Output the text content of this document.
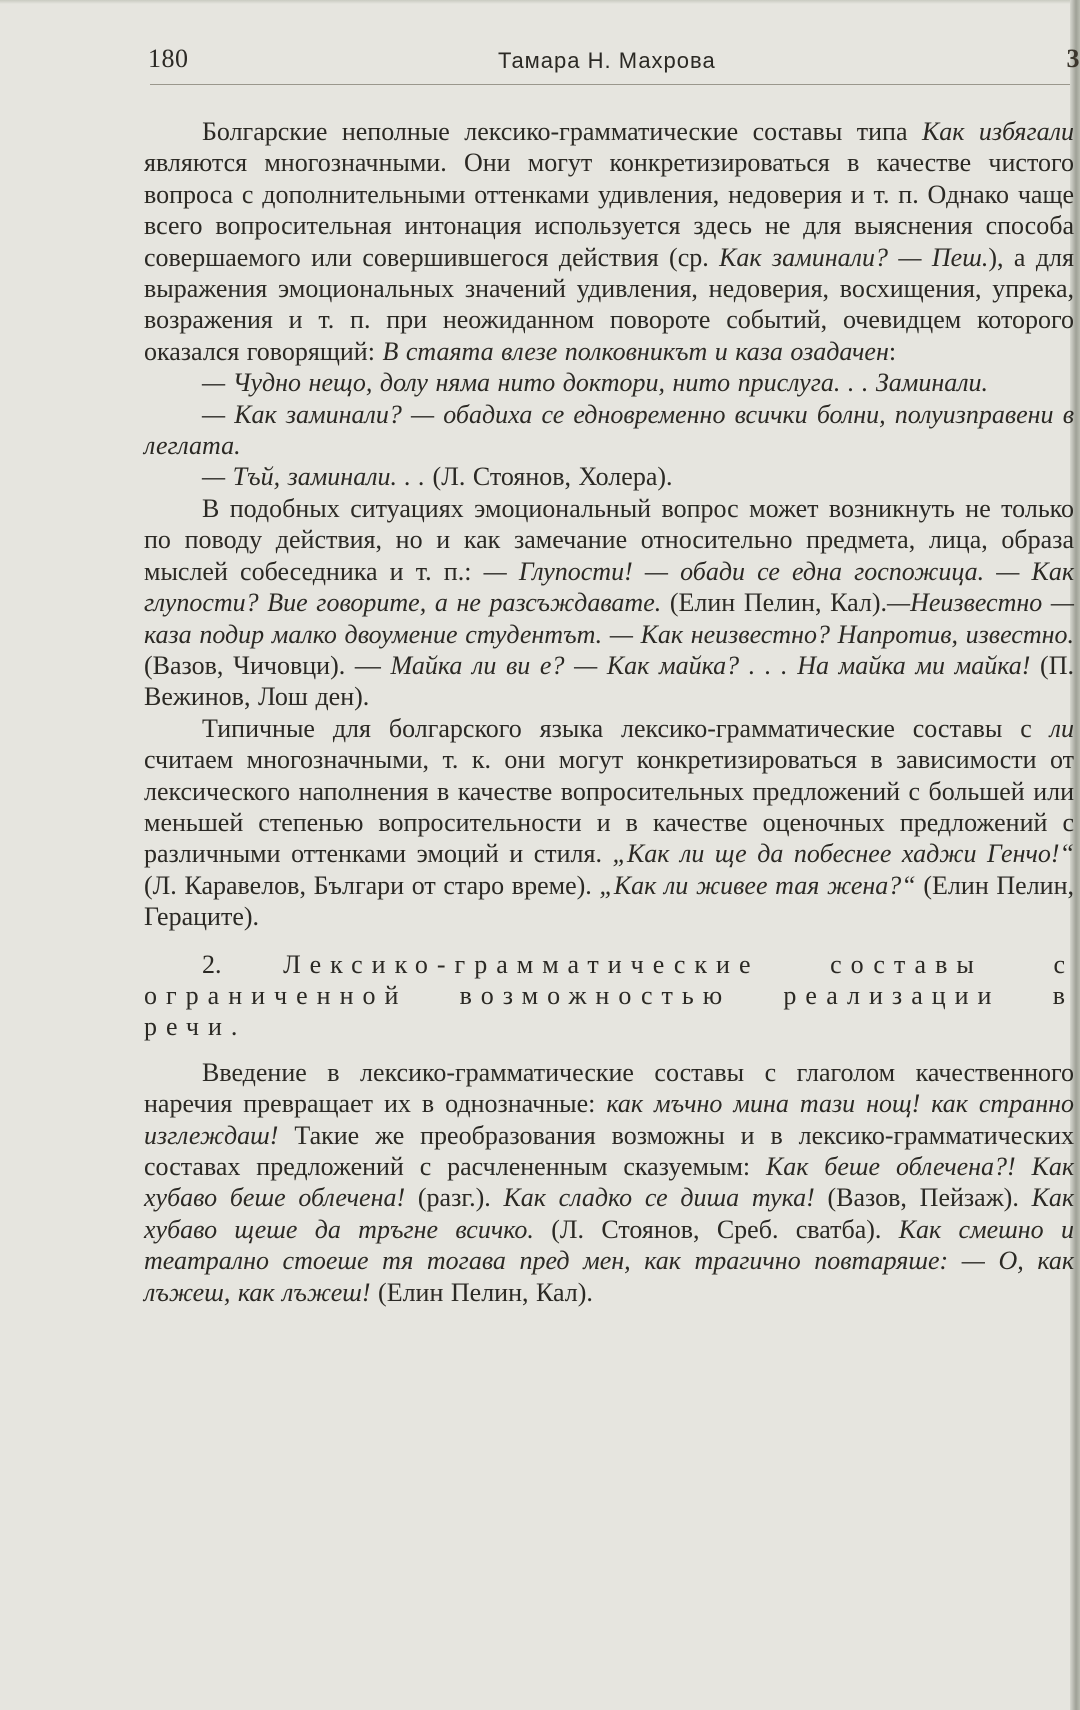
180	Тамара Н. Махрова	3

Болгарские неполные лексико-грамматические составы типа Как избягали являются многозначными. Они могут конкретизироваться в качестве чистого вопроса с дополнительными оттенками удивления, недоверия и т. п. Однако чаще всего вопросительная интонация используется здесь не для выяснения способа совершаемого или совершившегося действия (ср. Как заминали? — Пеш.), а для выражения эмоциональных значений удивления, недоверия, восхищения, упрека, возражения и т. п. при неожиданном повороте событий, очевидцем которого оказался говорящий: В стаята влезе полковникът и каза озадачен:

— Чудно нещо, долу няма нито доктори, нито прислуга. . . Заминали.

— Как заминали? — обадиха се едновременно всички болни, полуизправени в леглата.

— Тъй, заминали. . . (Л. Стоянов, Холера).

В подобных ситуациях эмоциональный вопрос может возникнуть не только по поводу действия, но и как замечание относительно предмета, лица, образа мыслей собеседника и т. п.: — Глупости! — обади се една госпожица. — Как глупости? Вие говорите, а не разсъждавате. (Елин Пелин, Кал).—Неизвестно — каза подир малко двоумение студентът. — Как неизвестно? Напротив, известно. (Вазов, Чичовци). — Майка ли ви е? — Как майка? . . . На майка ми майка! (П. Вежинов, Лош ден).

Типичные для болгарского языка лексико-грамматические составы с ли считаем многозначными, т. к. они могут конкретизироваться в зависимости от лексического наполнения в качестве вопросительных предложений с большей или меньшей степенью вопросительности и в качестве оценочных предложений с различными оттенками эмоций и стиля. „Как ли ще да побеснее хаджи Генчо!“ (Л. Каравелов, Българи от старо време). „Как ли живее тая жена?“ (Елин Пелин, Гераците).

2. Лексико-грамматические составы с ограниченной возможностью реализации в речи.

Введение в лексико-грамматические составы с глаголом качественного наречия превращает их в однозначные: как мъчно мина тази нощ! как странно изглеждаш! Такие же преобразования возможны и в лексико-грамматических составах предложений с расчлененным сказуемым: Как беше облечена?! Как хубаво беше облечена! (разг.). Как сладко се диша тука! (Вазов, Пейзаж). Как хубаво щеше да тръгне всичко. (Л. Стоянов, Среб. сватба). Как смешно и театрално стоеше тя тогава пред мен, как трагично повтаряше: — О, как лъжеш, как лъжеш! (Елин Пелин, Кал).
